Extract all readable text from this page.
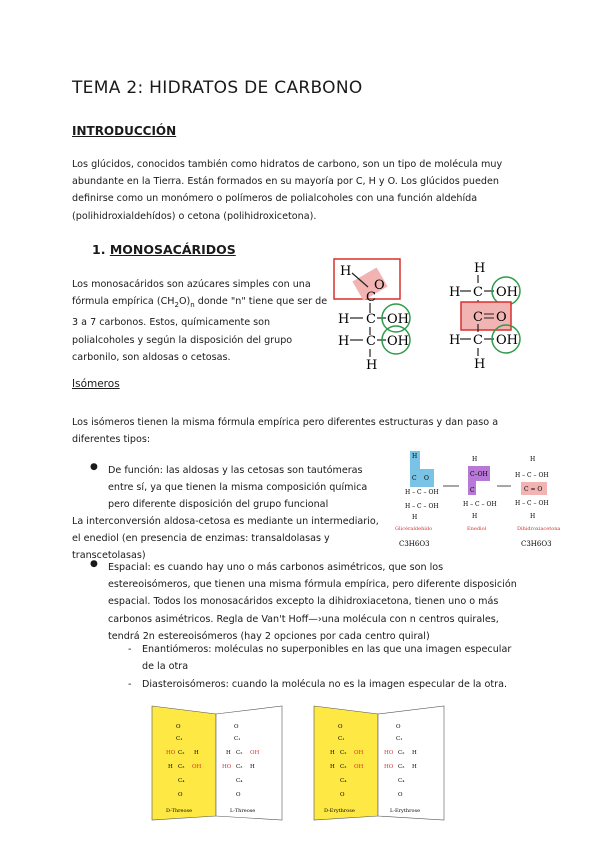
TEMA 2: HIDRATOS DE CARBONO
INTRODUCCIÓN
Los glúcidos, conocidos también como hidratos de carbono, son un tipo de molécula muy abundante en la Tierra. Están formados en su mayoría por C, H y O. Los glúcidos pueden definirse como un monómero o polímeros de polialcoholes con una función aldehída (polihidroxialdehídos) o cetona (polihidroxicetona).
1. MONOSACÁRIDOS
Los monosacáridos son azúcares simples con una fórmula empírica $(CH_2O)_n$ donde "n" tiene que ser de 3 a 7 carbonos. Estos, químicamente son polialcoholes y según la disposición del grupo carbonilo, son aldosas o cetosas.
H
C
O
H C OH
H C OH
H
H
H C OH
C O
H C OH
H
Isómeros
Los isómeros tienen la misma fórmula empírica pero diferentes estructuras y dan paso a diferentes tipos:
● De función: las aldosas y las cetosas son tautómeras entre sí, ya que tienen la misma composición química pero diferente disposición del grupo funcional
La interconversión aldosa-cetosa es mediante un intermediario, el enediol (en presencia de enzimas: transaldolasas y transcetolasas)
H
C O
H – C – OH
H – C – OH
H
H
C–OH
C
H – C – OH
H
H
H – C – OH
C = O
H – C – OH
H
Glicéraldehído	Enediol	Dihidroxiacetona
C3H6O3	C3H6O3
● Espacial: es cuando hay uno o más carbonos asimétricos, que son los estereoisómeros, que tienen una misma fórmula empírica, pero diferente disposición espacial. Todos los monosacáridos excepto la dihidroxiacetona, tienen uno o más carbonos asimétricos. Regla de Van't Hoff—›una molécula con n centros quirales, tendrá 2n estereoisómeros (hay 2 opciones por cada centro quiral)
- Enantiómeros: moléculas no superponibles en las que una imagen especular de la otra
- Diasteroisómeros: cuando la molécula no es la imagen especular de la otra.
O
C₁
HO C₂ H
H C₃ OH
C₄
O
O
C₁
H C₂ OH
HO C₃ H
C₄
O
D-Threose	L-Threose
O
C₁
H C₂ OH
H C₃ OH
C₄
O
O
C₁
HO C₂ H
HO C₃ H
C₄
O
D-Erythrose	L-Erythrose
